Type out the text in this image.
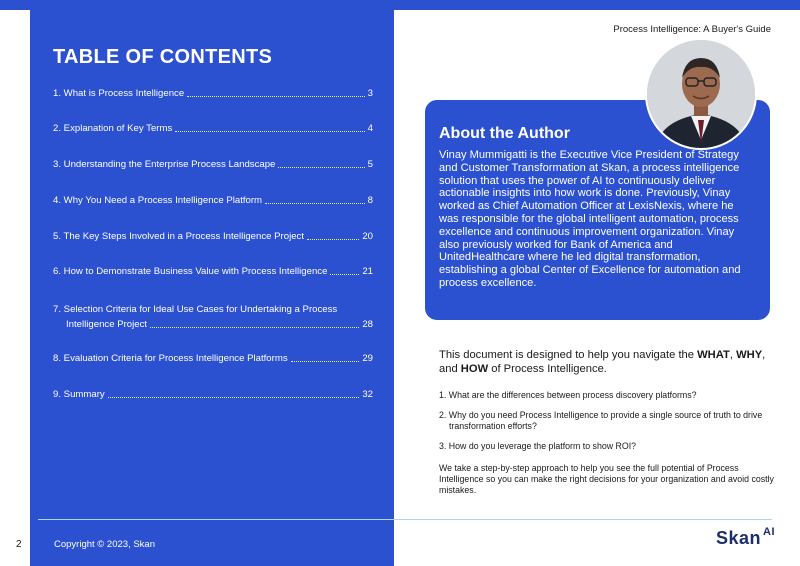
TABLE OF CONTENTS
1. What is Process Intelligence	3
2. Explanation of Key Terms	4
3. Understanding the Enterprise Process Landscape	5
4. Why You Need a Process Intelligence Platform	8
5. The Key Steps Involved in a Process Intelligence Project	20
6. How to Demonstrate Business Value with Process Intelligence	21
7. Selection Criteria for Ideal Use Cases for Undertaking a Process
Intelligence Project	28
8. Evaluation Criteria for Process Intelligence Platforms	29
9. Summary	32
Copyright © 2023, Skan
2
Process Intelligence: A Buyer's Guide
About the Author
Vinay Mummigatti is the Executive Vice President of Strategy and Customer Transformation at Skan, a process intelligence solution that uses the power of AI to continuously deliver actionable insights into how work is done. Previously, Vinay worked as Chief Automation Officer at LexisNexis, where he was responsible for the global intelligent automation, process excellence and continuous improvement organization. Vinay also previously worked for Bank of America and UnitedHealthcare where he led digital transformation, establishing a global Center of Excellence for automation and process excellence.
This document is designed to help you navigate the WHAT, WHY,
and HOW of Process Intelligence.
1. What are the differences between process discovery platforms?
2. Why do you need Process Intelligence to provide a single source of truth to drive transformation efforts?
3. How do you leverage the platform to show ROI?
We take a step-by-step approach to help you see the full potential of Process Intelligence so you can make the right decisions for your organization and avoid costly mistakes.
Skan $^{AI}$
